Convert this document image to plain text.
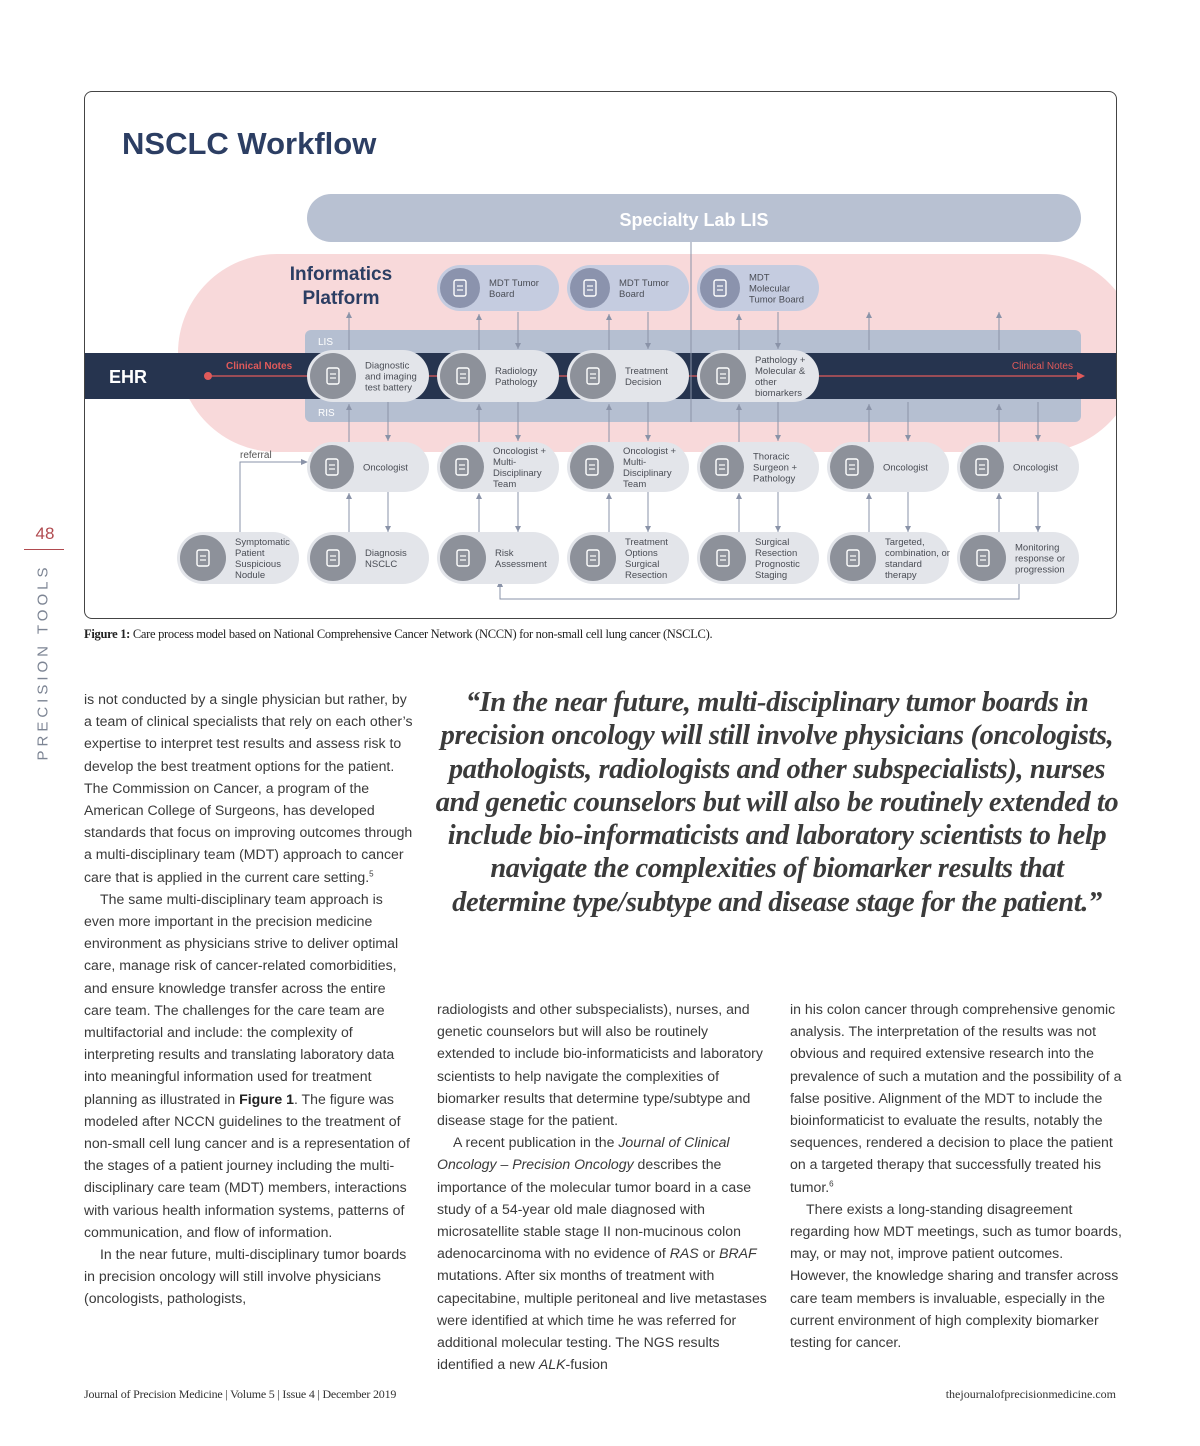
48
PRECISION TOOLS
Specialty Lab LIS
LIS
RIS
EHR
Clinical Notes	Clinical Notes
NSCLC Workflow
Informatics
Platform
referral
MDT Tumor
Board
MDT Tumor
Board
MDT
Molecular
Tumor Board
Diagnostic
and imaging
test battery
Radiology
Pathology
Treatment
Decision
Pathology +
Molecular &
other
biomarkers
Oncologist
Oncologist +
Multi-
Disciplinary
Team
Oncologist +
Multi-
Disciplinary
Team
Thoracic
Surgeon +
Pathology
Oncologist	Oncologist
Symptomatic
Patient
Suspicious
Nodule
Diagnosis
NSCLC
Risk
Assessment
Treatment
Options
Surgical
Resection
Surgical
Resection
Prognostic
Staging
Targeted,
combination, or
standard
therapy
Monitoring
response or
progression
Figure 1: Care process model based on National Comprehensive Cancer Network (NCCN) for non-small cell lung cancer (NSCLC).

is not conducted by a single physician but rather, by a team of clinical specialists that rely on each other’s expertise to interpret test results and assess risk to develop the best treatment options for the patient. The Commission on Cancer, a program of the American College of Surgeons, has developed standards that focus on improving outcomes through a multi-disciplinary team (MDT) approach to cancer care that is applied in the current care setting.$^5$

The same multi-disciplinary team approach is even more important in the precision medicine environment as physicians strive to deliver optimal care, manage risk of cancer-related comorbidities, and ensure knowledge transfer across the entire care team. The challenges for the care team are multifactorial and include: the complexity of interpreting results and translating laboratory data into meaningful information used for treatment planning as illustrated in Figure 1. The figure was modeled after NCCN guidelines to the treatment of non-small cell lung cancer and is a representation of the stages of a patient journey including the multi-disciplinary care team (MDT) members, interactions with various health information systems, patterns of communication, and flow of information.

In the near future, multi-disciplinary tumor boards in precision oncology will still involve physicians (oncologists, pathologists,

“In the near future, multi-disciplinary tumor boards in precision oncology will still involve physicians (oncologists, pathologists, radiologists and other subspecialists), nurses and genetic counselors but will also be routinely extended to include bio-informaticists and laboratory scientists to help navigate the complexities of biomarker results that determine type/subtype and disease stage for the patient.”

radiologists and other subspecialists), nurses, and genetic counselors but will also be routinely extended to include bio-informaticists and laboratory scientists to help navigate the complexities of biomarker results that determine type/subtype and disease stage for the patient.

A recent publication in the Journal of Clinical Oncology – Precision Oncology describes the importance of the molecular tumor board in a case study of a 54-year old male diagnosed with microsatellite stable stage II non-mucinous colon adenocarcinoma with no evidence of RAS or BRAF mutations. After six months of treatment with capecitabine, multiple peritoneal and live metastases were identified at which time he was referred for additional molecular testing. The NGS results identified a new ALK-fusion

in his colon cancer through comprehensive genomic analysis. The interpretation of the results was not obvious and required extensive research into the prevalence of such a mutation and the possibility of a false positive. Alignment of the MDT to include the bioinformaticist to evaluate the results, notably the sequences, rendered a decision to place the patient on a targeted therapy that successfully treated his tumor.$^6$

There exists a long-standing disagreement regarding how MDT meetings, such as tumor boards, may, or may not, improve patient outcomes. However, the knowledge sharing and transfer across care team members is invaluable, especially in the current environment of high complexity biomarker testing for cancer.

Journal of Precision Medicine | Volume 5 | Issue 4 | December 2019	thejournalofprecisionmedicine.com
